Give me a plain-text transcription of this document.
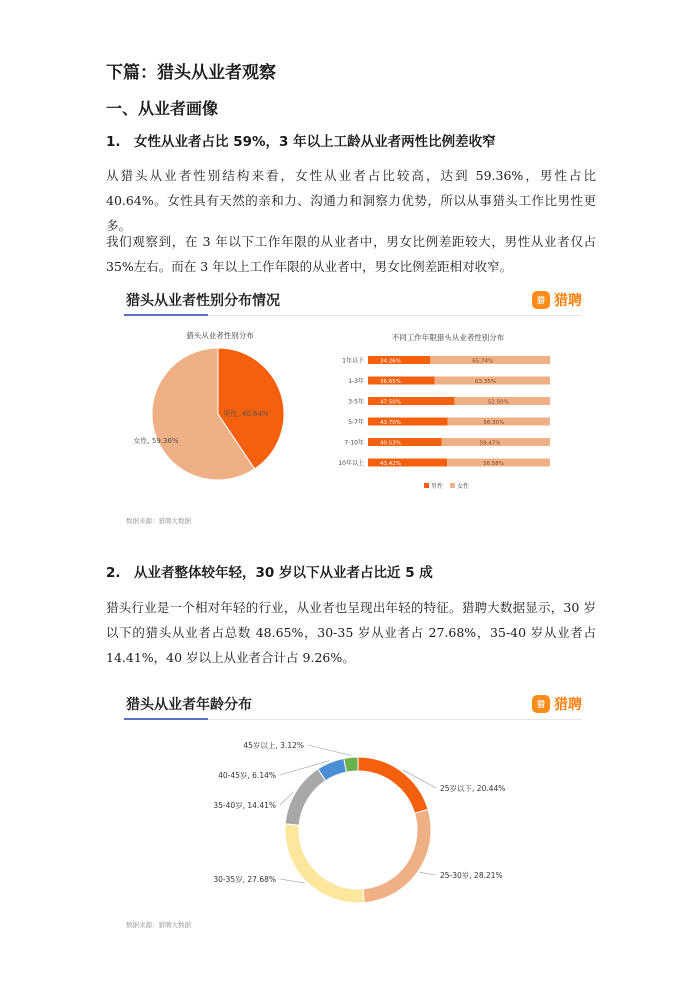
下篇：猎头从业者观察
一、从业者画像
1.　女性从业者占比 59%，3 年以上工龄从业者两性比例差收窄
从猎头从业者性别结构来看，女性从业者占比较高，达到 59.36%，男性占比 40.64%。女性具有天然的亲和力、沟通力和洞察力优势，所以从事猎头工作比男性更多。
我们观察到，在 3 年以下工作年限的从业者中，男女比例差距较大，男性从业者仅占 35%左右。而在 3 年以上工作年限的从业者中，男女比例差距相对收窄。
猎头从业者性别分布情况	猎 猎聘
猎头从业者性别分布
男性, 40.64%
女性, 59.36%
不同工作年限猎头从业者性别分布
1年以下	34.26%	65.74%
1-3年	36.65%	63.35%
3-5年	47.50%	52.50%
5-7年	43.70%	56.30%
7-10年	40.53%	59.47%
10年以上	43.42%	56.58%
男性 女性
数据来源：猎聘大数据
2.　从业者整体较年轻，30 岁以下从业者占比近 5 成
猎头行业是一个相对年轻的行业，从业者也呈现出年轻的特征。猎聘大数据显示，30 岁以下的猎头从业者占总数 48.65%，30-35 岁从业者占 27.68%，35-40 岁从业者占 14.41%，40 岁以上从业者合计占 9.26%。
猎头从业者年龄分布	猎 猎聘
25岁以下, 20.44%
25-30岁, 28.21%
30-35岁, 27.68%
35-40岁, 14.41%
40-45岁, 6.14%
45岁以上, 3.12%
数据来源：猎聘大数据
